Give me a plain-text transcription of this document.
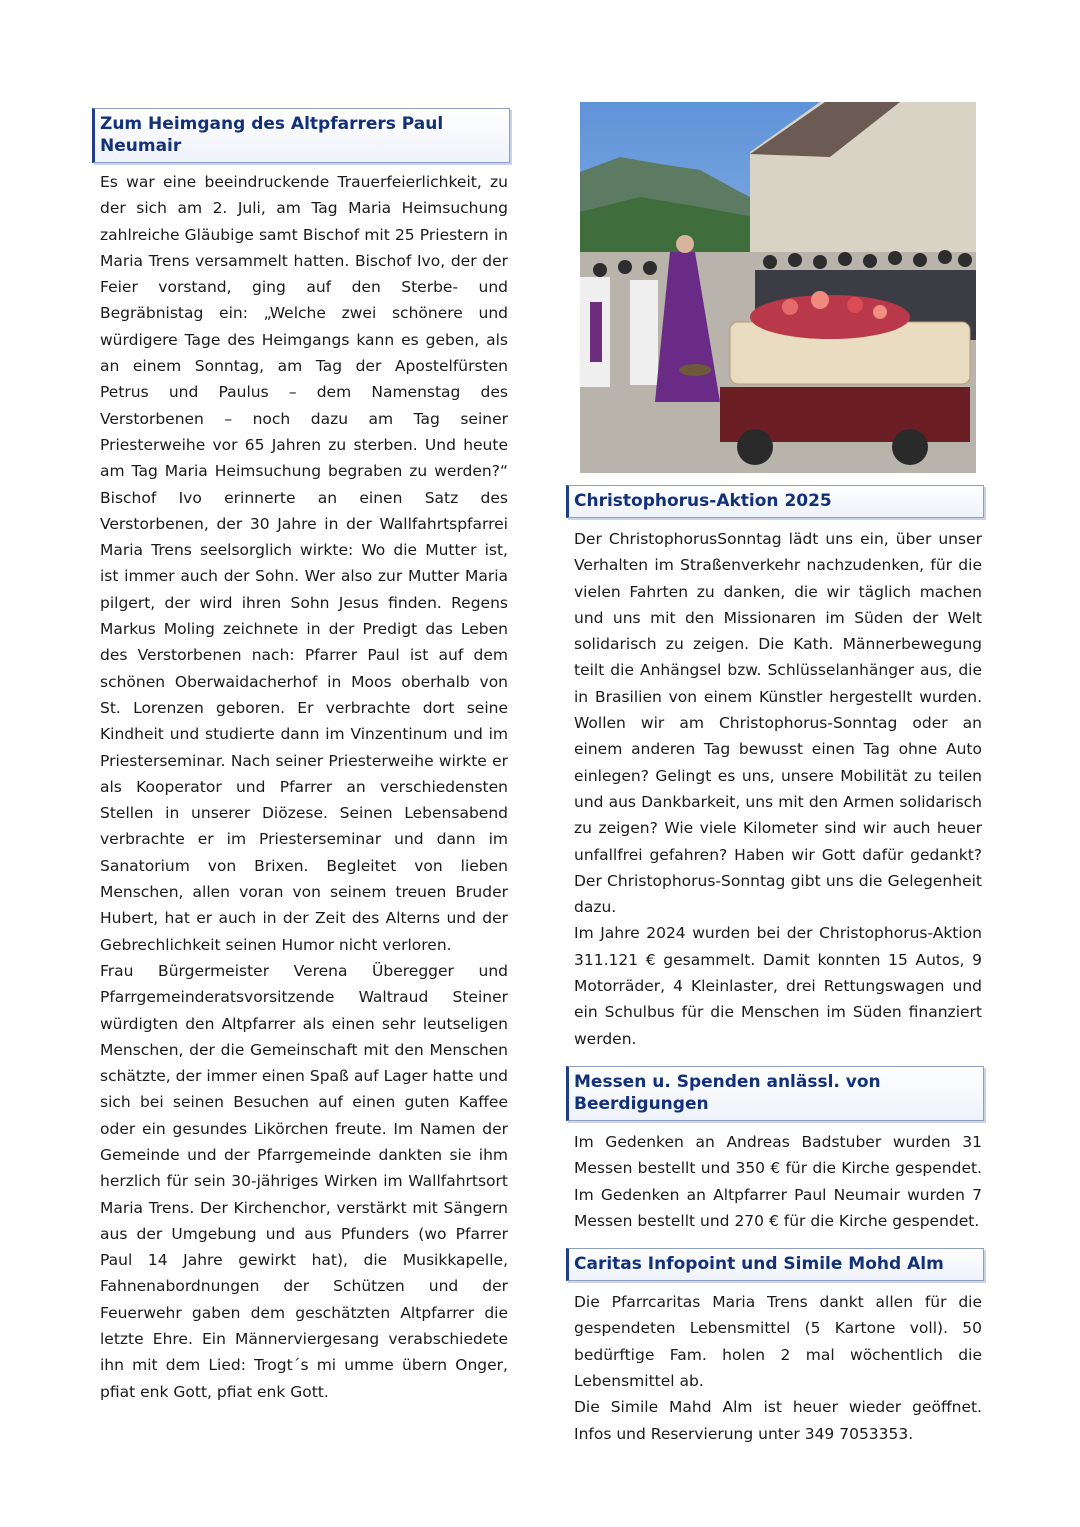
Zum Heimgang des Altpfarrers Paul Neumair

Es war eine beeindruckende Trauerfeierlichkeit, zu der sich am 2. Juli, am Tag Maria Heimsuchung zahlreiche Gläubige samt Bischof mit 25 Priestern in Maria Trens versammelt hatten. Bischof Ivo, der der Feier vorstand, ging auf den Sterbe- und Begräbnistag ein: „Welche zwei schönere und würdigere Tage des Heimgangs kann es geben, als an einem Sonntag, am Tag der Apostelfürsten Petrus und Paulus – dem Namenstag des Verstorbenen – noch dazu am Tag seiner Priesterweihe vor 65 Jahren zu sterben. Und heute am Tag Maria Heimsuchung begraben zu werden?“ Bischof Ivo erinnerte an einen Satz des Verstorbenen, der 30 Jahre in der Wallfahrtspfarrei Maria Trens seelsorglich wirkte: Wo die Mutter ist, ist immer auch der Sohn. Wer also zur Mutter Maria pilgert, der wird ihren Sohn Jesus finden. Regens Markus Moling zeichnete in der Predigt das Leben des Verstorbenen nach: Pfarrer Paul ist auf dem schönen Oberwaidacherhof in Moos oberhalb von St. Lorenzen geboren. Er verbrachte dort seine Kindheit und studierte dann im Vinzentinum und im Priesterseminar. Nach seiner Priesterweihe wirkte er als Kooperator und Pfarrer an verschiedensten Stellen in unserer Diözese. Seinen Lebensabend verbrachte er im Priesterseminar und dann im Sanatorium von Brixen. Begleitet von lieben Menschen, allen voran von seinem treuen Bruder Hubert, hat er auch in der Zeit des Alterns und der Gebrechlichkeit seinen Humor nicht verloren.

Frau Bürgermeister Verena Überegger und Pfarrgemeinderatsvorsitzende Waltraud Steiner würdigten den Altpfarrer als einen sehr leutseligen Menschen, der die Gemeinschaft mit den Menschen schätzte, der immer einen Spaß auf Lager hatte und sich bei seinen Besuchen auf einen guten Kaffee oder ein gesundes Likörchen freute. Im Namen der Gemeinde und der Pfarrgemeinde dankten sie ihm herzlich für sein 30-jähriges Wirken im Wallfahrtsort Maria Trens. Der Kirchenchor, verstärkt mit Sängern aus der Umgebung und aus Pfunders (wo Pfarrer Paul 14 Jahre gewirkt hat), die Musikkapelle, Fahnenabordnungen der Schützen und der Feuerwehr gaben dem geschätzten Altpfarrer die letzte Ehre. Ein Männerviergesang verabschiedete ihn mit dem Lied: Trogt´s mi umme übern Onger, pfiat enk Gott, pfiat enk Gott.

Christophorus-Aktion 2025

Der ChristophorusSonntag lädt uns ein, über unser Verhalten im Straßenverkehr nachzudenken, für die vielen Fahrten zu danken, die wir täglich machen und uns mit den Missionaren im Süden der Welt solidarisch zu zeigen. Die Kath. Männerbewegung teilt die Anhängsel bzw. Schlüsselanhänger aus, die in Brasilien von einem Künstler hergestellt wurden. Wollen wir am Christophorus-Sonntag oder an einem anderen Tag bewusst einen Tag ohne Auto einlegen? Gelingt es uns, unsere Mobilität zu teilen und aus Dankbarkeit, uns mit den Armen solidarisch zu zeigen? Wie viele Kilometer sind wir auch heuer unfallfrei gefahren? Haben wir Gott dafür gedankt? Der Christophorus-Sonntag gibt uns die Gelegenheit dazu.

Im Jahre 2024 wurden bei der Christophorus-Aktion 311.121 € gesammelt. Damit konnten 15 Autos, 9 Motorräder, 4 Kleinlaster, drei Rettungswagen und ein Schulbus für die Menschen im Süden finanziert werden.

Messen u. Spenden anlässl. von Beerdigungen

Im Gedenken an Andreas Badstuber wurden 31 Messen bestellt und 350 € für die Kirche gespendet. Im Gedenken an Altpfarrer Paul Neumair wurden 7 Messen bestellt und 270 € für die Kirche gespendet.

Caritas Infopoint und Simile Mohd Alm

Die Pfarrcaritas Maria Trens dankt allen für die gespendeten Lebensmittel (5 Kartone voll). 50 bedürftige Fam. holen 2 mal wöchentlich die Lebensmittel ab.

Die Simile Mahd Alm ist heuer wieder geöffnet. Infos und Reservierung unter 349 7053353.
